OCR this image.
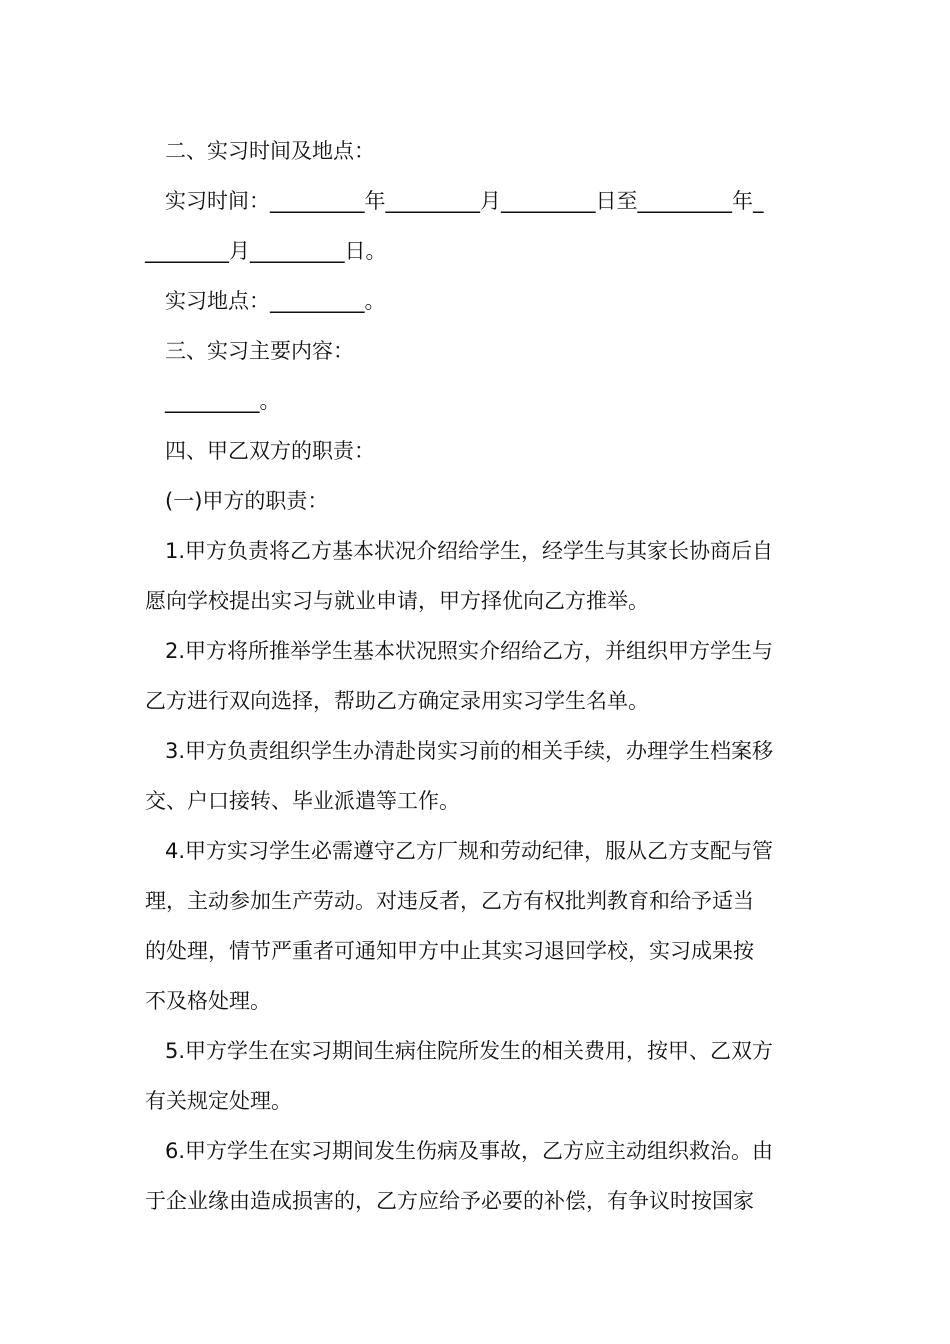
二、实习时间及地点：
实习时间：_________年_________月_________日至_________年_
________月_________日。
实习地点：_________。
三、实习主要内容：
_________。
四、甲乙双方的职责：
(一)甲方的职责：
1.甲方负责将乙方基本状况介绍给学生，经学生与其家长协商后自
愿向学校提出实习与就业申请，甲方择优向乙方推举。
2.甲方将所推举学生基本状况照实介绍给乙方，并组织甲方学生与
乙方进行双向选择，帮助乙方确定录用实习学生名单。
3.甲方负责组织学生办清赴岗实习前的相关手续，办理学生档案移
交、户口接转、毕业派遣等工作。
4.甲方实习学生必需遵守乙方厂规和劳动纪律，服从乙方支配与管
理，主动参加生产劳动。对违反者，乙方有权批判教育和给予适当
的处理，情节严重者可通知甲方中止其实习退回学校，实习成果按
不及格处理。
5.甲方学生在实习期间生病住院所发生的相关费用，按甲、乙双方
有关规定处理。
6.甲方学生在实习期间发生伤病及事故，乙方应主动组织救治。由
于企业缘由造成损害的，乙方应给予必要的补偿，有争议时按国家
